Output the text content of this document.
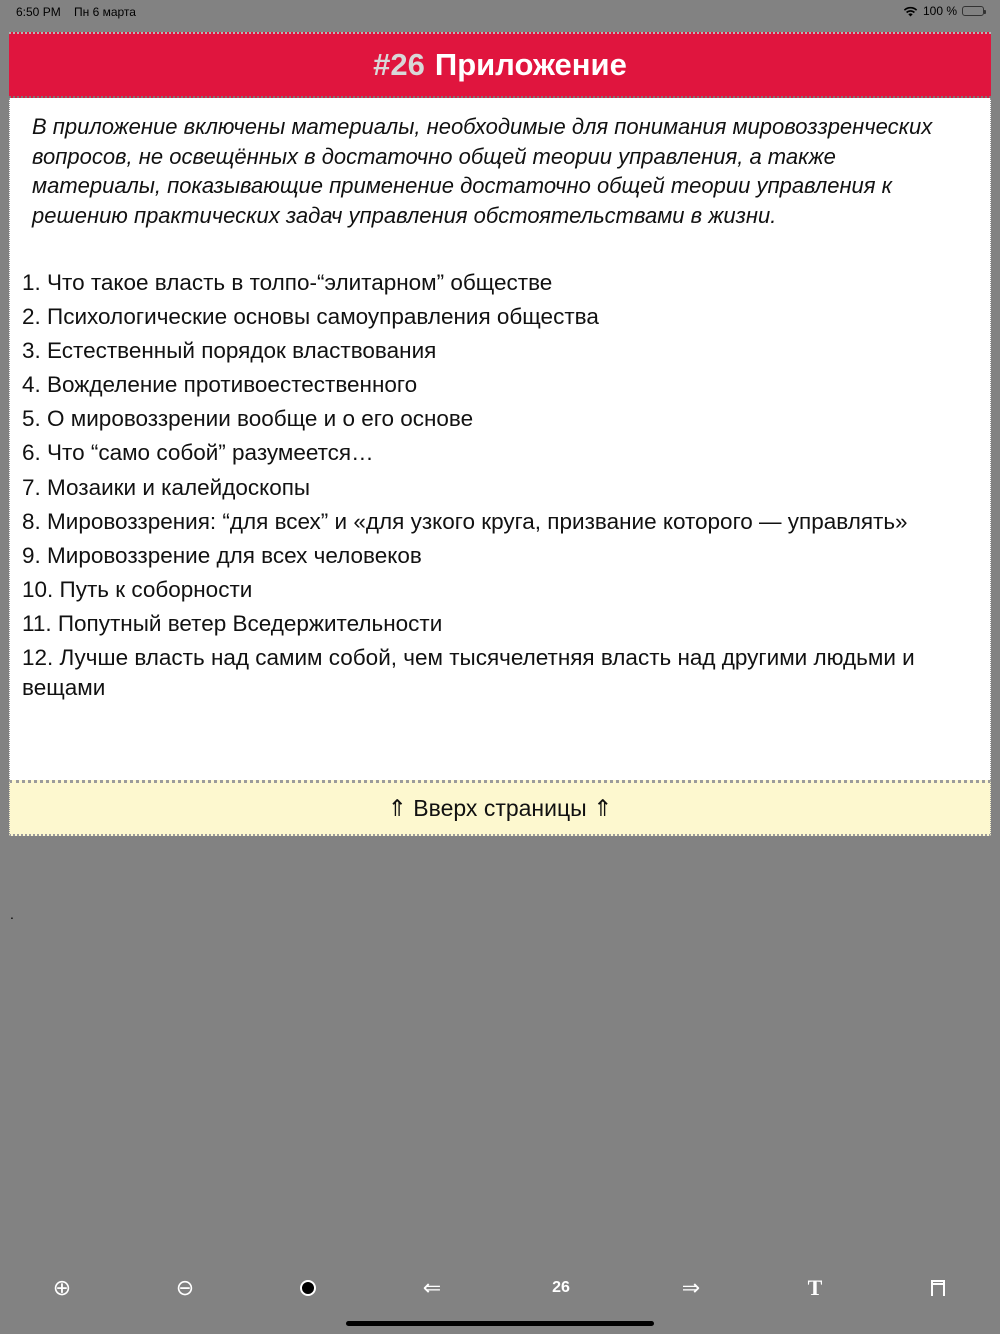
6:50 PM Пн 6 марта	100 %
#26 Приложение

В приложение включены материалы, необходимые для понимания мировоззренческих вопросов, не освещённых в достаточно общей теории управления, а также материалы, показывающие применение достаточно общей теории управления к решению практических задач управления обстоятельствами в жизни.

1. Что такое власть в толпо-“элитарном” обществе
2. Психологические основы самоуправления общества
3. Естественный порядок властвования
4. Вожделение противоестественного
5. О мировоззрении вообще и о его основе
6. Что “само собой” разумеется…
7. Мозаики и калейдоскопы
8. Мировоззрения: “для всех” и «для узкого круга, призвание которого — управлять»
9. Мировоззрение для всех человеков
10. Путь к соборности
11. Попутный ветер Вседержительности
12. Лучше власть над самим собой, чем тысячелетняя власть над другими людьми и вещами
⇑ Вверх страницы ⇑
.
⊕	⊖	⇐	26	⇒	T
